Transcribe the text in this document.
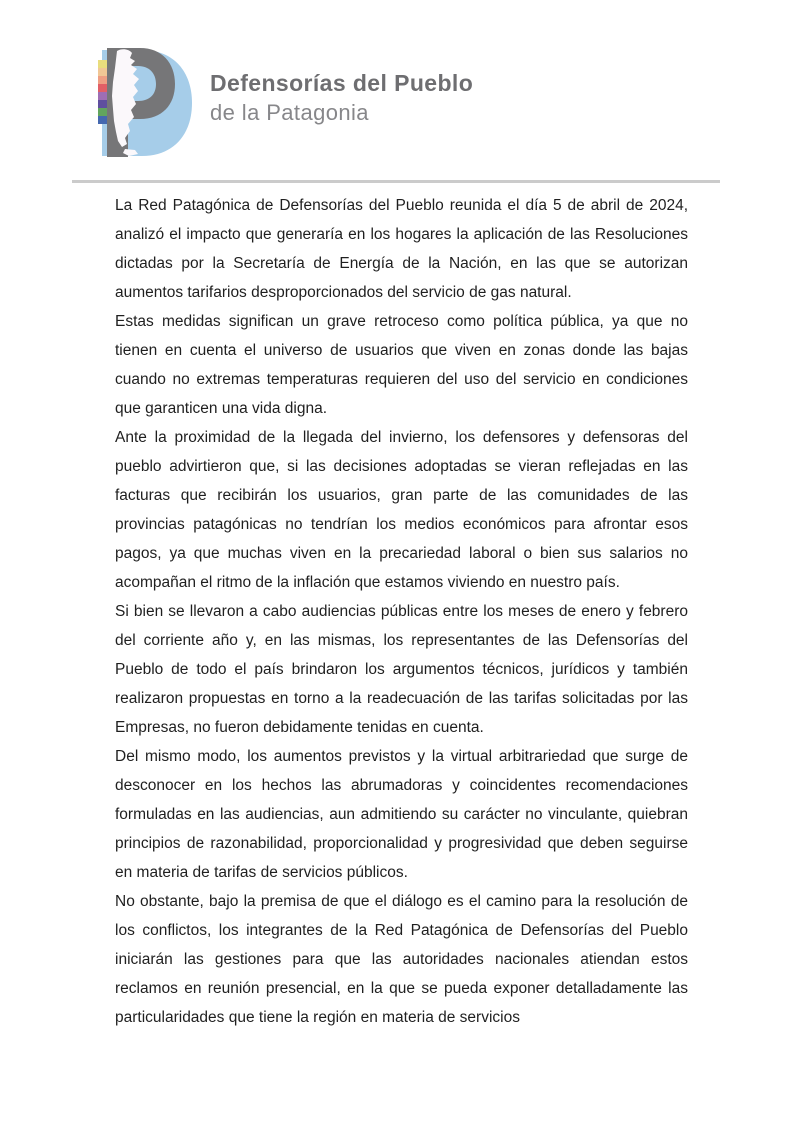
Defensorías del Pueblo
de la Patagonia

La Red Patagónica de Defensorías del Pueblo reunida el día 5 de abril de 2024, analizó el impacto que generaría en los hogares la aplicación de las Resoluciones dictadas por la Secretaría de Energía de la Nación, en las que se autorizan aumentos tarifarios desproporcionados del servicio de gas natural.

Estas medidas significan un grave retroceso como política pública, ya que no tienen en cuenta el universo de usuarios que viven en zonas donde las bajas cuando no extremas temperaturas requieren del uso del servicio en condiciones que garanticen una vida digna.

Ante la proximidad de la llegada del invierno, los defensores y defensoras del pueblo advirtieron que, si las decisiones adoptadas se vieran reflejadas en las facturas que recibirán los usuarios, gran parte de las comunidades de las provincias patagónicas no tendrían los medios económicos para afrontar esos pagos, ya que muchas viven en la precariedad laboral o bien sus salarios no acompañan el ritmo de la inflación que estamos viviendo en nuestro país.

Si bien se llevaron a cabo audiencias públicas entre los meses de enero y febrero del corriente año y, en las mismas, los representantes de las Defensorías del Pueblo de todo el país brindaron los argumentos técnicos, jurídicos y también realizaron propuestas en torno a la readecuación de las tarifas solicitadas por las Empresas, no fueron debidamente tenidas en cuenta.

Del mismo modo, los aumentos previstos y la virtual arbitrariedad que surge de desconocer en los hechos las abrumadoras y coincidentes recomendaciones formuladas en las audiencias, aun admitiendo su carácter no vinculante, quiebran principios de razonabilidad, proporcionalidad y progresividad que deben seguirse en materia de tarifas de servicios públicos.

No obstante, bajo la premisa de que el diálogo es el camino para la resolución de los conflictos, los integrantes de la Red Patagónica de Defensorías del Pueblo iniciarán las gestiones para que las autoridades nacionales atiendan estos reclamos en reunión presencial, en la que se pueda exponer detalladamente las particularidades que tiene la región en materia de servicios
